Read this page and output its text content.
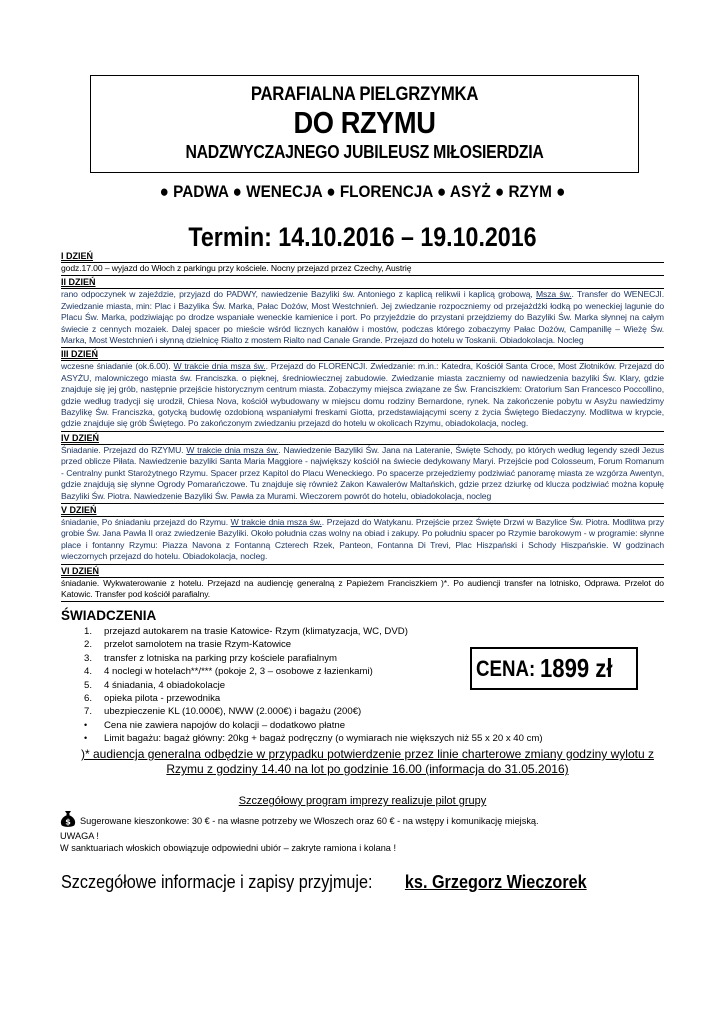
PARAFIALNA PIELGRZYMKA
DO RZYMU
NADZWYCZAJNEGO JUBILEUSZ MIŁOSIERDZIA
● PADWA ● WENECJA ● FLORENCJA ● ASYŻ ● RZYM ●
Termin: 14.10.2016 – 19.10.2016
I DZIEŃ
godz.17.00 – wyjazd do Włoch z parkingu przy kościele. Nocny przejazd przez Czechy, Austrię
II DZIEŃ
rano odpoczynek w zajeździe, przyjazd do PADWY, nawiedzenie Bazyliki św. Antoniego z kaplicą relikwii i kaplicą grobową, Msza św.. Transfer do WENECJI. Zwiedzanie miasta, min: Plac i Bazylika Św. Marka, Pałac Dożów, Most Westchnień. Jej zwiedzanie rozpoczniemy od przejażdżki łodką po weneckiej lagunie do Placu Św. Marka, podziwiając po drodze wspaniałe weneckie kamienice i port. Po przyjeździe do przystani przejdziemy do Bazyliki Św. Marka słynnej na całym świecie z cennych mozaiek. Dalej spacer po mieście wśród licznych kanałów i mostów, podczas którego zobaczymy Pałac Dożów, Campanillę – Wieżę Św. Marka, Most Westchnień i słynną dzielnicę Rialto z mostem Rialto nad Canale Grande. Przejazd do hotelu w Toskanii. Obiadokolacja. Nocleg
III DZIEŃ
wczesne śniadanie (ok.6.00). W trakcie dnia msza św.. Przejazd do FLORENCJI. Zwiedzanie: m.in.: Katedra, Kościół Santa Croce, Most Złotników. Przejazd do ASYŻU, malowniczego miasta św. Franciszka. o pięknej, średniowiecznej zabudowie. Zwiedzanie miasta zaczniemy od nawiedzenia bazyliki Św. Klary, gdzie znajduje się jej grób, następnie przejście historycznym centrum miasta. Zobaczymy miejsca związane ze Św. Franciszkiem: Oratorium San Francesco Poccollino, gdzie według tradycji się urodził, Chiesa Nova, kościół wybudowany w miejscu domu rodziny Bernardone, rynek. Na zakończenie pobytu w Asyżu nawiedzimy Bazylikę Św. Franciszka, gotycką budowlę ozdobioną wspaniałymi freskami Giotta, przedstawiającymi sceny z życia Świętego Biedaczyny. Modlitwa w krypcie, gdzie znajduje się grób Świętego. Po zakończonym zwiedzaniu przejazd do hotelu w okolicach Rzymu, obiadokolacja, nocleg.
IV DZIEŃ
Śniadanie. Przejazd do RZYMU. W trakcie dnia msza św.. Nawiedzenie Bazyliki Św. Jana na Lateranie, Święte Schody, po których według legendy szedł Jezus przed oblicze Piłata. Nawiedzenie bazyliki Santa Maria Maggiore - największy kościół na świecie dedykowany Maryi. Przejście pod Colosseum, Forum Romanum - Centralny punkt Starożytnego Rzymu. Spacer przez Kapitol do Placu Weneckiego. Po spacerze przejedziemy podziwiać panoramę miasta ze wzgórza Awentyn, gdzie znajdują się słynne Ogrody Pomarańczowe. Tu znajduje się również Zakon Kawalerów Maltańskich, gdzie przez dziurkę od klucza podziwiać można kopułę Bazyliki Św. Piotra. Nawiedzenie Bazyliki Św. Pawła za Murami. Wieczorem powrót do hotelu, obiadokolacja, nocleg
V DZIEŃ
śniadanie, Po śniadaniu przejazd do Rzymu. W trakcie dnia msza św.. Przejazd do Watykanu. Przejście przez Święte Drzwi w Bazylice Św. Piotra. Modlitwa przy grobie Św. Jana Pawła II oraz zwiedzenie Bazyliki. Około południa czas wolny na obiad i zakupy. Po południu spacer po Rzymie barokowym - w programie: słynne place i fontanny Rzymu: Piazza Navona z Fontanną Czterech Rzek, Panteon, Fontanna Di Trevi, Plac Hiszpański i Schody Hiszpańskie. W godzinach wieczornych przejazd do hotelu. Obiadokolacja, nocleg.
VI DZIEŃ
śniadanie. Wykwaterowanie z hotelu. Przejazd na audiencję generalną z Papieżem Franciszkiem )*. Po audiencji transfer na lotnisko, Odprawa. Przelot do Katowic. Transfer pod kościół parafialny.
ŚWIADCZENIA
1.	przejazd autokarem na trasie Katowice- Rzym (klimatyzacja, WC, DVD)
2.	przelot samolotem na trasie Rzym-Katowice
3.	transfer z lotniska na parking przy kościele parafialnym
4.	4 noclegi w hotelach**/*** (pokoje 2, 3 – osobowe z łazienkami)
5.	4 śniadania, 4 obiadokolacje
6.	opieka pilota - przewodnika
7.	ubezpieczenie KL (10.000€), NWW (2.000€) i bagażu (200€)
•	Cena nie zawiera napojów do kolacji – dodatkowo płatne
•	Limit bagażu: bagaż główny: 20kg + bagaż podręczny (o wymiarach nie większych niż 55 x 20 x 40 cm)
CENA: 1899 zł
)* audiencja generalna odbędzie w przypadku potwierdzenie przez linie charterowe zmiany godziny wylotu z Rzymu z godziny 14.40 na lot po godzinie 16.00 (informacja do 31.05.2016)
Szczegółowy program imprezy realizuje pilot grupy
$ Sugerowane kieszonkowe: 30 € - na własne potrzeby we Włoszech oraz 60 € - na wstępy i komunikację miejską.
UWAGA !
W sanktuariach włoskich obowiązuje odpowiedni ubiór – zakryte ramiona i kolana !
Szczegółowe informacje i zapisy przyjmuje: ks. Grzegorz Wieczorek
